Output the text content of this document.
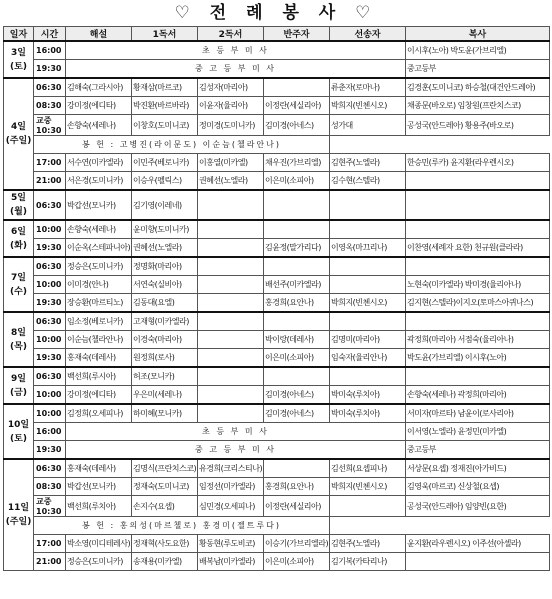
♡ 전 례 봉 사 ♡
일자	시간	해설	1독서	2독서	반주자	선송자	복사
3일
(토)	16:00	초 등 부 미 사					이시후(노아) 박도윤(가브리엘)
	19:30	중 고 등 부 미 사					중고등부
4일
(주일)	06:30	김해숙(그라시아)	황재삼(마르코)	김성자(마리아)		류춘자(로마나)	김경훈(도미니코) 하승철(대건안드레아)
	08:30	강미정(에디타)	박진환(바르바라)	이윤자(율리아)	이정란(세실리아)	박희지(빈첸시오)	채종문(바오로) 임창원(프란치스코)
	교중
10:30	손향숙(세레나)	이창호(도미니코)	정미경(도미니카)	김미경(아네스)	성가대	공성국(안드레아) 황용주(바오로)
	봉 헌 : 고병진(라이문도) 이순늠(첼라안나)						
	17:00	서수연(미카엘라)	이민주(베로니카)	이홍열(미카엘)	채우진(가브리엘)	김현주(노엘라)	한승민(루카) 윤지환(라우렌시오)
	21:00	서은경(도미니카)	이승우(펠릭스)	권혜선(노엘라)	이은미(소피아)	김수현(스텔라)	
5일(월)	06:30	박갑선(모니카)	김기영(이레네)				
6일
(화)	10:00	손향숙(세레나)	윤미향(도미니카)				
	19:30	이순옥(스테파니아)	권혜선(노엘라)		김윤정(말가리다)	이영옥(마끄리나)	이찬영(세례자 요한) 천규원(클라라)
7일
(수)	06:30	정승은(도미니카)	정명화(마리아)				
	10:00	이미경(안나)	서연숙(실비아)		배선주(미카엘라)		노현숙(미카엘라) 박미경(율리아나)
	19:30	장승환(마르티노)	김동대(요엘)		홍경희(요안나)	박희지(빈첸시오)	김지현(스텔라)이지오(토마스아퀴나스)
8일
(목)	06:30	임소정(베로니카)	고재형(미카엘라)				
	10:00	이순늠(첼라안나)	이경숙(마리아)		박이랑(데레사)	김명미(마리아)	곽정희(마리아) 서점숙(율리아나)
	19:30	홍재숙(데레사)	원정희(로사)		이은미(소피아)	임숙자(율리안나)	박도윤(가브리엘) 이시후(노아)
9일
(금)	06:30	백선희(루시아)	허조(모니카)				
	10:00	강미정(에디타)	우은미(세레나)		김미경(아네스)	박미숙(루치아)	손향숙(세레나) 곽정희(마리아)
10일
(토)	10:00	김정희(오세피나)	하미혜(모니카)		김미경(아네스)	박미숙(루치아)	서미자(마르타) 남윤이(로사리아)
	16:00	초 등 부 미 사					이서영(노엘라) 윤정민(미카엘)
	19:30	중 고 등 부 미 사					중고등부
11일
(주일)	06:30	홍재숙(데레사)	김명식(프란치스코)	유경희(크리스티나)		김선희(요셉피나)	서상문(요셉) 정재진(아가비드)
	08:30	박갑선(모니카)	정재숙(도미니코)	임정선(미카엘라)	홍경희(요안나)	박희지(빈첸시오)	김영욱(마르코) 신상철(요셉)
	교중
10:30	백선희(루치아)	손지수(요셉)	심민경(오세피나)	이정란(세실리아)		공성국(안드레아) 임양빈(요한)
	봉 헌 : 홍의성(마르첼로) 홍경미(젤트루다)						
	17:00	박소영(미디테레사)	정재혁(사도요한)	황동현(루도비코)	이승기(가브리엘라)	김현주(노엘라)	윤지환(라우렌시오) 이주선(아셀라)
	21:00	정승은(도미니카)	송재용(미카엘)	배복남(미카엘라)	이은미(소피아)	김기복(카타리나)	
